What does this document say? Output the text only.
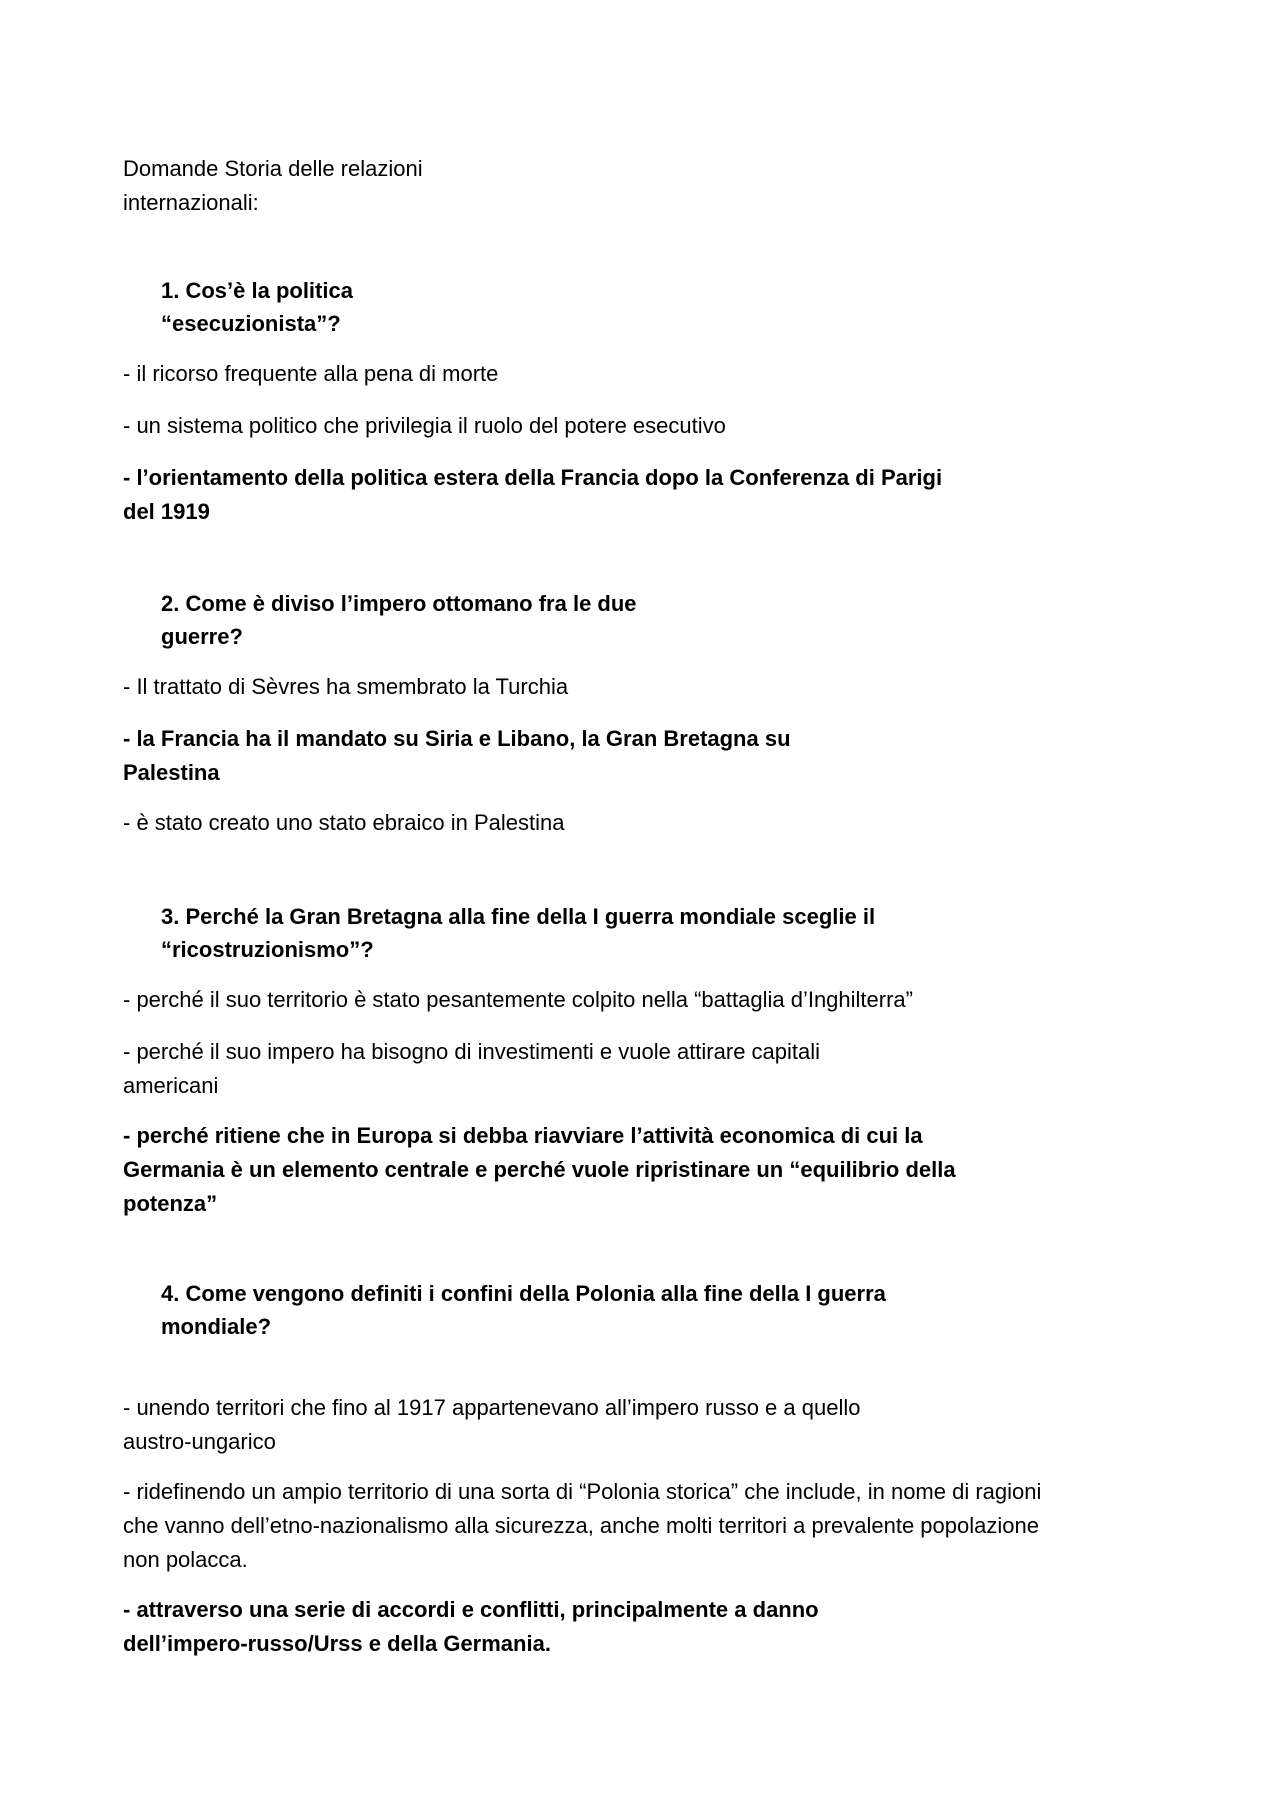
Domande Storia delle relazioni
internazionali:
1. Cos’è la politica
“esecuzionista”?
- il ricorso frequente alla pena di morte
- un sistema politico che privilegia il ruolo del potere esecutivo
- l’orientamento della politica estera della Francia dopo la Conferenza di Parigi
del 1919
2. Come è diviso l’impero ottomano fra le due
guerre?
- Il trattato di Sèvres ha smembrato la Turchia
- la Francia ha il mandato su Siria e Libano, la Gran Bretagna su
Palestina
- è stato creato uno stato ebraico in Palestina
3. Perché la Gran Bretagna alla fine della I guerra mondiale sceglie il
“ricostruzionismo”?
- perché il suo territorio è stato pesantemente colpito nella “battaglia d’Inghilterra”
- perché il suo impero ha bisogno di investimenti e vuole attirare capitali
americani
- perché ritiene che in Europa si debba riavviare l’attività economica di cui la
Germania è un elemento centrale e perché vuole ripristinare un “equilibrio della
potenza”
4. Come vengono definiti i confini della Polonia alla fine della I guerra
mondiale?
- unendo territori che fino al 1917 appartenevano all’impero russo e a quello
austro-ungarico
- ridefinendo un ampio territorio di una sorta di “Polonia storica” che include, in nome di ragioni
che vanno dell’etno-nazionalismo alla sicurezza, anche molti territori a prevalente popolazione
non polacca.
- attraverso una serie di accordi e conflitti, principalmente a danno
dell’impero-russo/Urss e della Germania.
